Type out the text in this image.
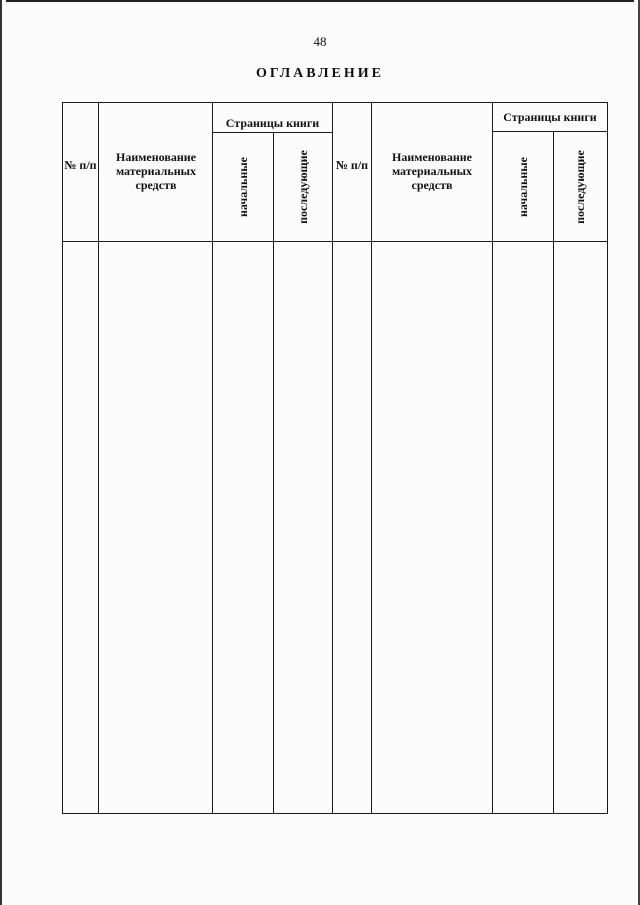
48
ОГЛАВЛЕНИЕ
№ п/п
Наименование материальных средств
Страницы книги
начальные	последующие № п/п
Наименование материальных средств
Страницы книги
начальные	последующие
